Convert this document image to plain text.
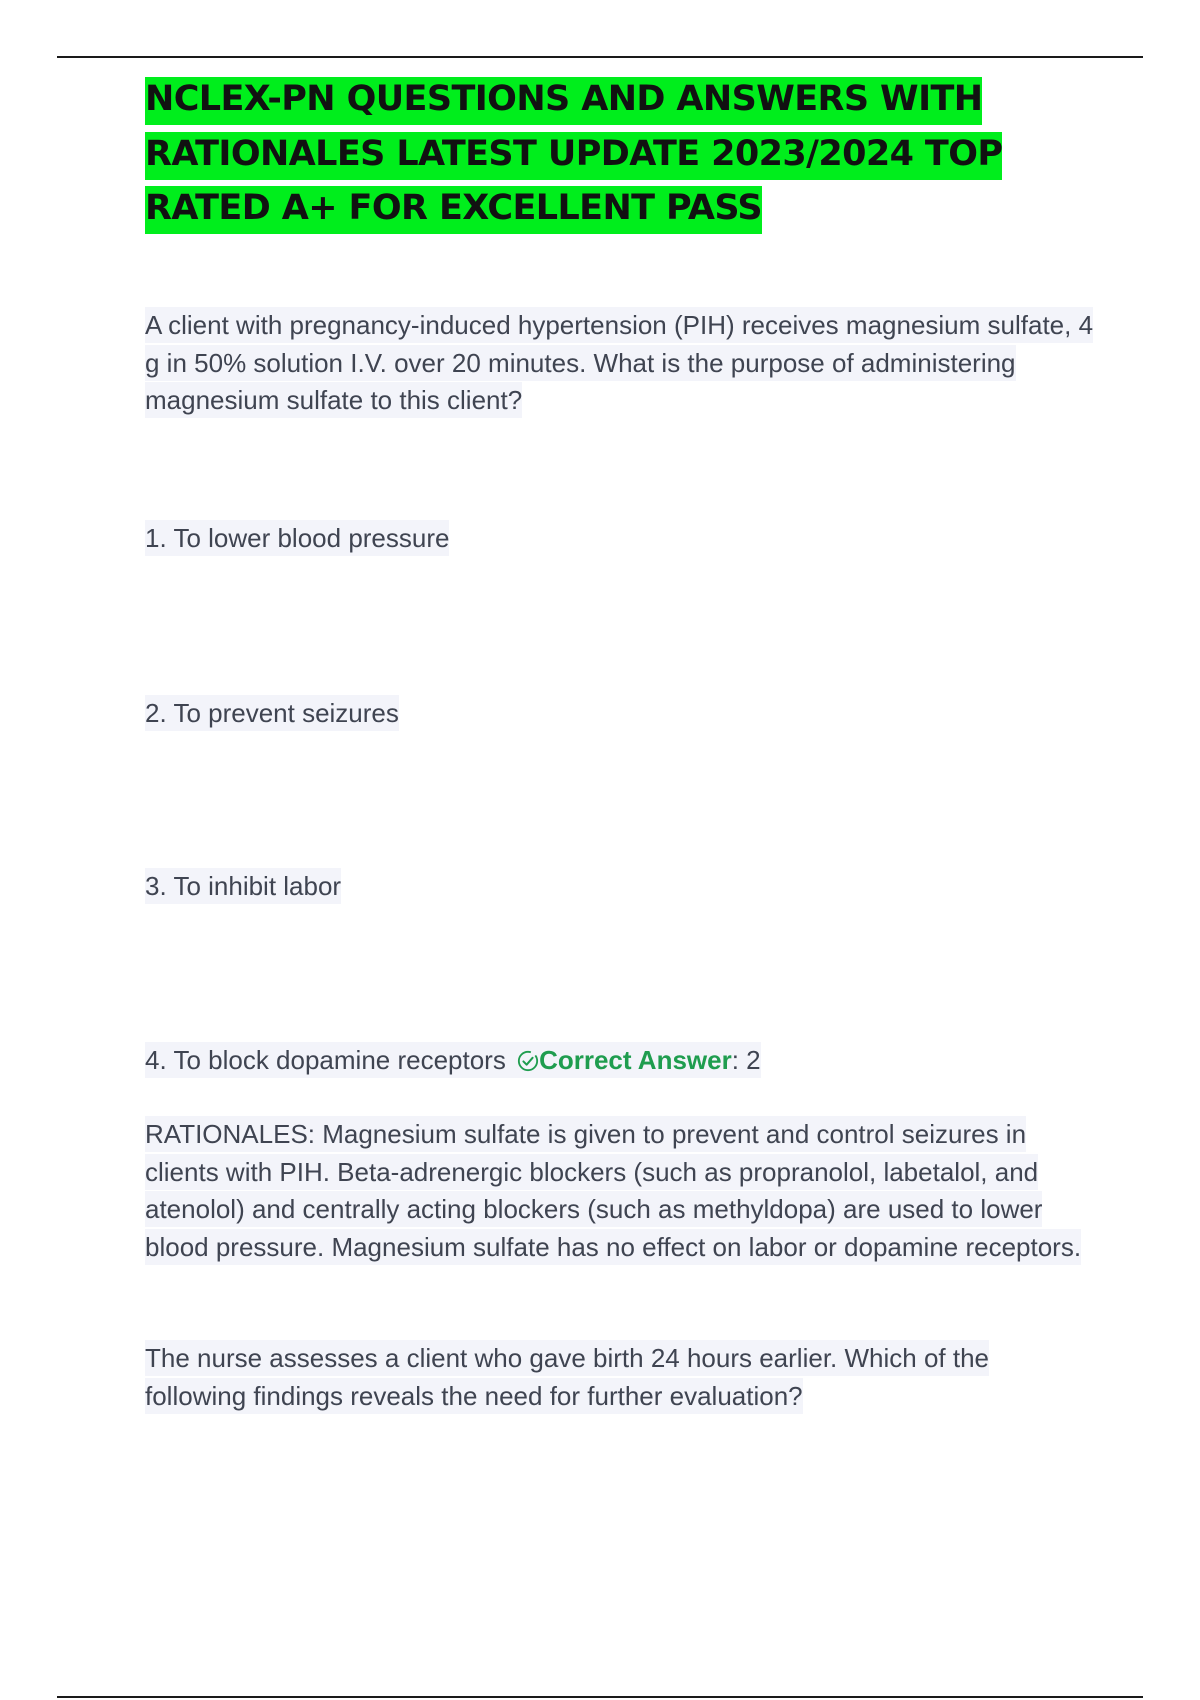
NCLEX-PN QUESTIONS AND ANSWERS WITH RATIONALES LATEST UPDATE 2023/2024 TOP RATED A+ FOR EXCELLENT PASS

A client with pregnancy-induced hypertension (PIH) receives magnesium sulfate, 4 g in 50% solution I.V. over 20 minutes. What is the purpose of administering magnesium sulfate to this client?

1. To lower blood pressure

2. To prevent seizures

3. To inhibit labor

4. To block dopamine receptors Correct Answer: 2

RATIONALES: Magnesium sulfate is given to prevent and control seizures in clients with PIH. Beta-adrenergic blockers (such as propranolol, labetalol, and atenolol) and centrally acting blockers (such as methyldopa) are used to lower blood pressure. Magnesium sulfate has no effect on labor or dopamine receptors.

The nurse assesses a client who gave birth 24 hours earlier. Which of the following findings reveals the need for further evaluation?
